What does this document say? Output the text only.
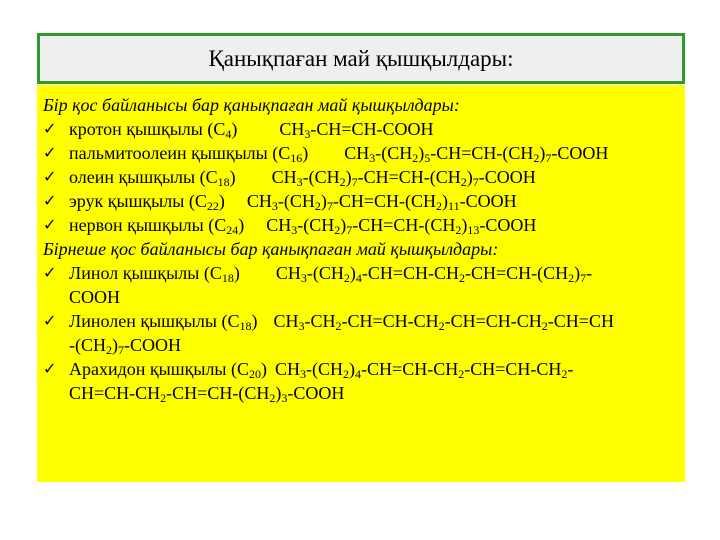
Қанықпаған май қышқылдары:
Бір қос байланысы бар қанықпаған май қышқылдары:
✓ кротон қышқылы $(С_4)$ $CH_3-CH=CH$-COOH
✓ пальмитоолеин қышқылы $(С_{16})$ $CH_3-(CH_2)_5-CH=CH-(CH_2)_7$-COOH
✓ олеин қышқылы $(С_{18})$ $CH_3-(CH_2)_7-CH=CH-(CH_2)_7$-COOH
✓ эрук қышқылы $(С_{22})$ $CH_3-(CH_2)_7-CH=CH-(CH_2)_{11}$-COOH
✓ нервон қышқылы $(С_{24})$ $CH_3-(CH_2)_7-CH=CH-(CH_2)_{13}$-COOH
Бірнеше қос байланысы бар қанықпаған май қышқылдары:
✓ Линол қышқылы $(С_{18})$ $CH_3-(CH_2)_4-CH=CH-CH_2-CH=CH-(CH_2)_7-$
COOH
✓ Линолен қышқылы $(С_{18})$ $CH_3-CH_2-CH=CH-CH_2-CH=CH-CH_2-CH=CH$
$-(CH_2)_7$-COOH
✓ Арахидон қышқылы $(С_{20})$ $CH_3-(CH_2)_4-CH=CH-CH_2-CH=CH-CH_2-$
$CH=CH-CH_2-CH=CH-(CH_2)_3$-COOH
